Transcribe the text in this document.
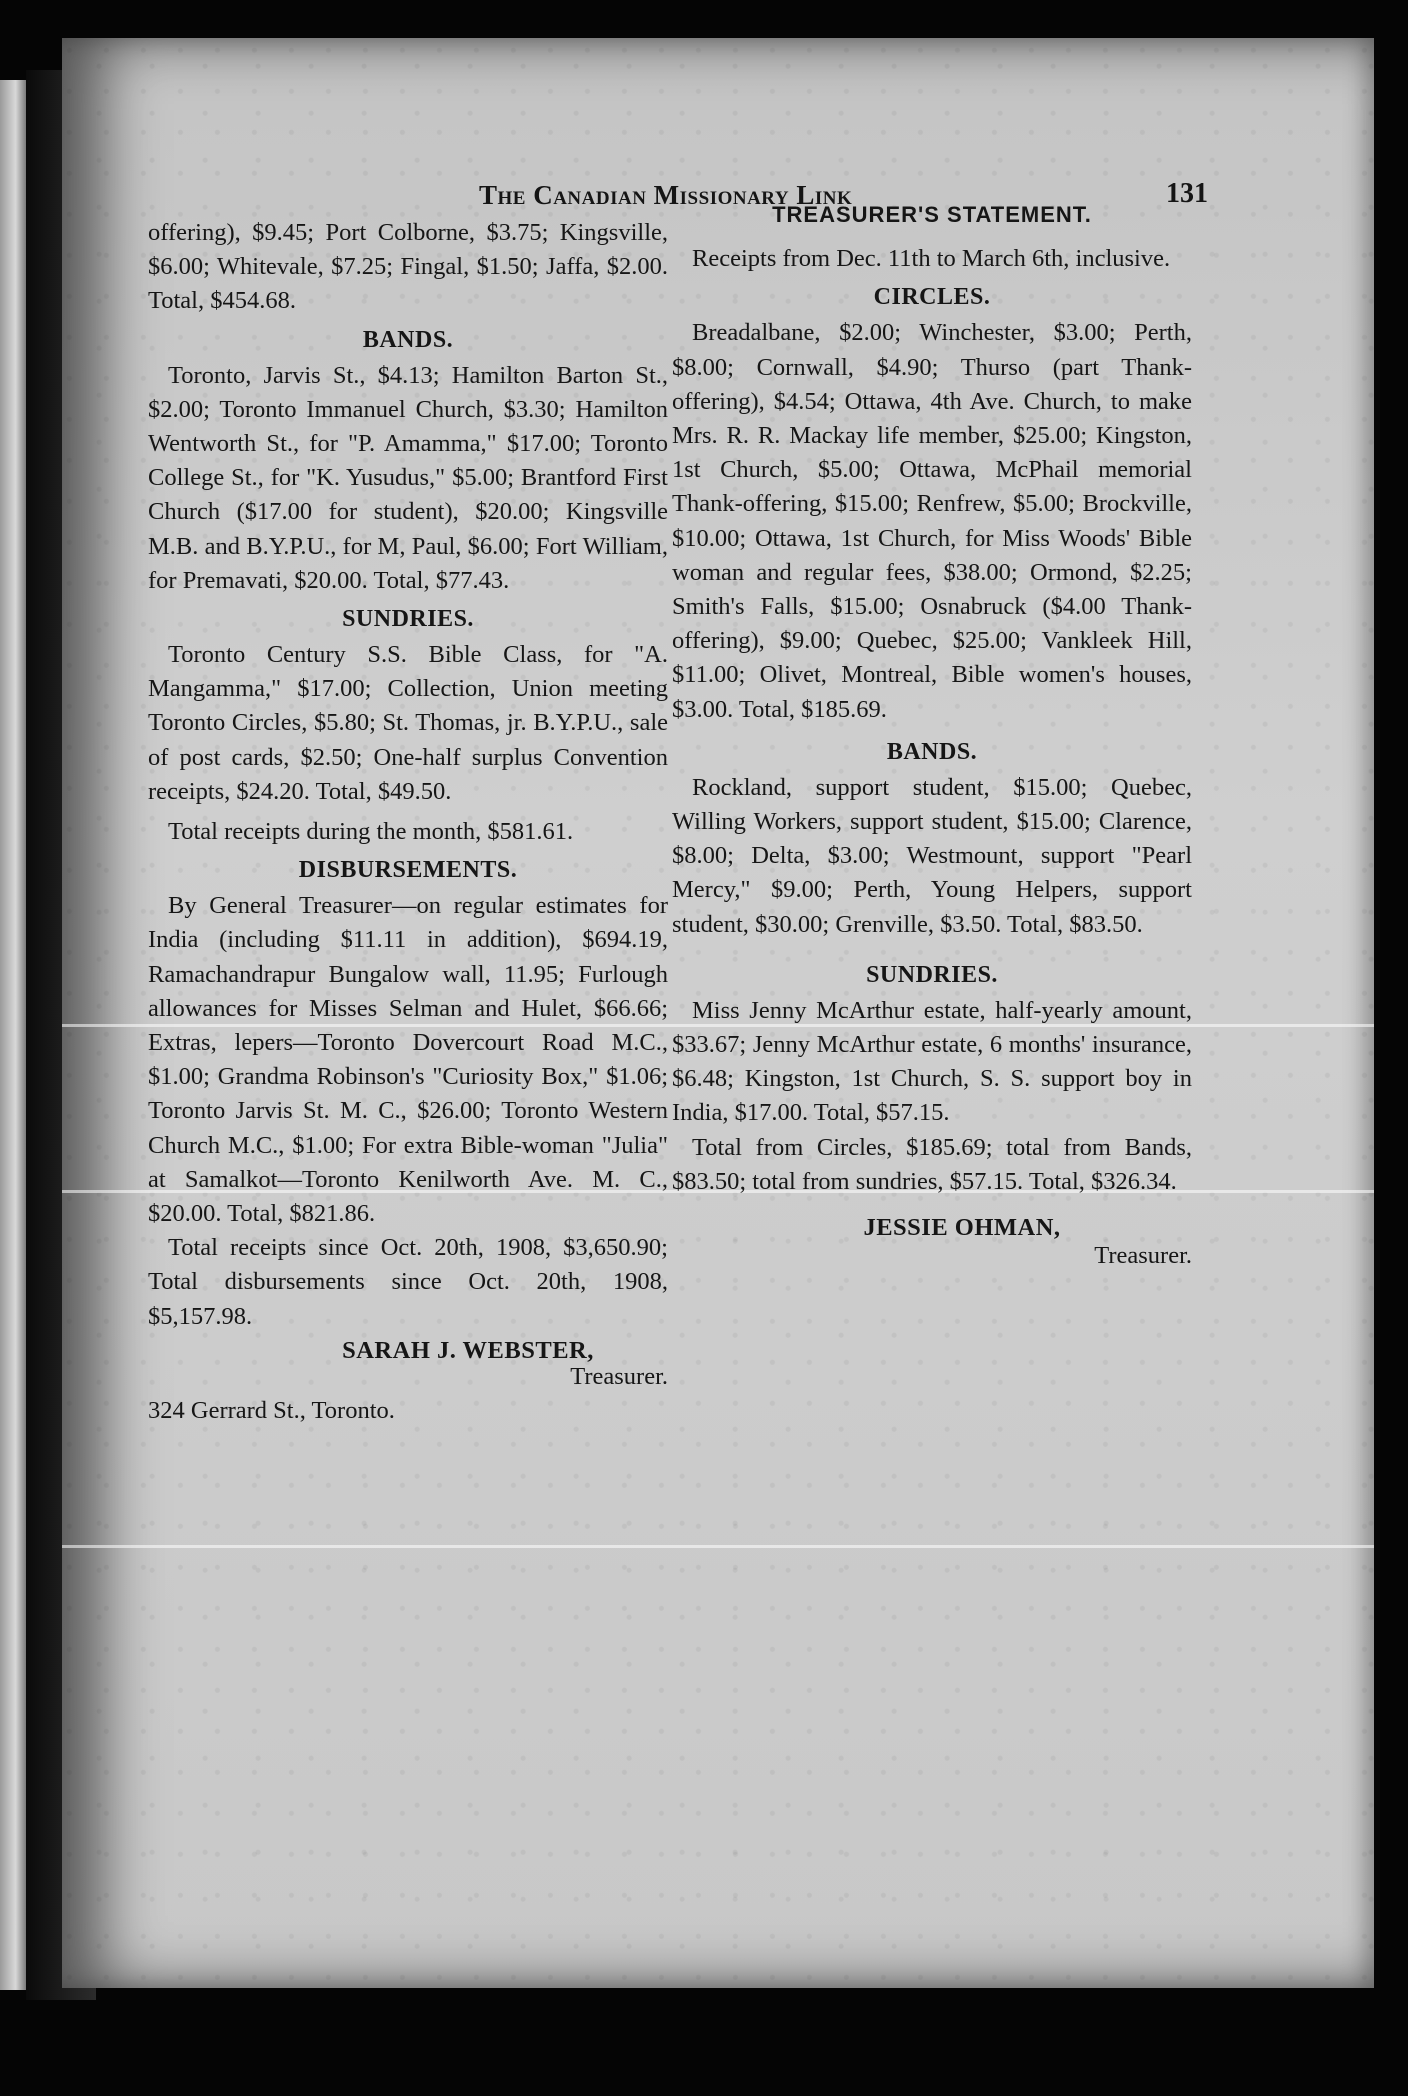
The Canadian Missionary Link	131

offering), $9.45; Port Colborne, $3.75; Kingsville, $6.00; Whitevale, $7.25; Fingal, $1.50; Jaffa, $2.00. Total, $454.68.

BANDS.

Toronto, Jarvis St., $4.13; Hamilton Barton St., $2.00; Toronto Immanuel Church, $3.30; Hamilton Wentworth St., for "P. Amamma," $17.00; Toronto College St., for "K. Yusudus," $5.00; Brantford First Church ($17.00 for student), $20.00; Kingsville M.B. and B.Y.P.U., for M, Paul, $6.00; Fort William, for Premavati, $20.00. Total, $77.43.

SUNDRIES.

Toronto Century S.S. Bible Class, for "A. Mangamma," $17.00; Collection, Union meeting Toronto Circles, $5.80; St. Thomas, jr. B.Y.P.U., sale of post cards, $2.50; One-half surplus Convention receipts, $24.20. Total, $49.50.

Total receipts during the month, $581.61.

DISBURSEMENTS.

By General Treasurer—on regular estimates for India (including $11.11 in addition), $694.19, Ramachandrapur Bungalow wall, 11.95; Furlough allowances for Misses Selman and Hulet, $66.66; Extras, lepers—Toronto Dovercourt Road M.C., $1.00; Grandma Robinson's "Curiosity Box," $1.06; Toronto Jarvis St. M. C., $26.00; Toronto Western Church M.C., $1.00; For extra Bible-woman "Julia" at Samalkot—Toronto Kenilworth Ave. M. C., $20.00. Total, $821.86.

Total receipts since Oct. 20th, 1908, $3,650.90; Total disbursements since Oct. 20th, 1908, $5,157.98.

SARAH J. WEBSTER,

Treasurer.

324 Gerrard St., Toronto.

TREASURER'S STATEMENT.

Receipts from Dec. 11th to March 6th, inclusive.

CIRCLES.

Breadalbane, $2.00; Winchester, $3.00; Perth, $8.00; Cornwall, $4.90; Thurso (part Thank-offering), $4.54; Ottawa, 4th Ave. Church, to make Mrs. R. R. Mackay life member, $25.00; Kingston, 1st Church, $5.00; Ottawa, McPhail memorial Thank-offering, $15.00; Renfrew, $5.00; Brockville, $10.00; Ottawa, 1st Church, for Miss Woods' Bible woman and regular fees, $38.00; Ormond, $2.25; Smith's Falls, $15.00; Osnabruck ($4.00 Thank-offering), $9.00; Quebec, $25.00; Vankleek Hill, $11.00; Olivet, Montreal, Bible women's houses, $3.00. Total, $185.69.

BANDS.

Rockland, support student, $15.00; Quebec, Willing Workers, support student, $15.00; Clarence, $8.00; Delta, $3.00; Westmount, support "Pearl Mercy," $9.00; Perth, Young Helpers, support student, $30.00; Grenville, $3.50. Total, $83.50.

SUNDRIES.

Miss Jenny McArthur estate, half-yearly amount, $33.67; Jenny McArthur estate, 6 months' insurance, $6.48; Kingston, 1st Church, S. S. support boy in India, $17.00. Total, $57.15.

Total from Circles, $185.69; total from Bands, $83.50; total from sundries, $57.15. Total, $326.34.

JESSIE OHMAN,

Treasurer.
